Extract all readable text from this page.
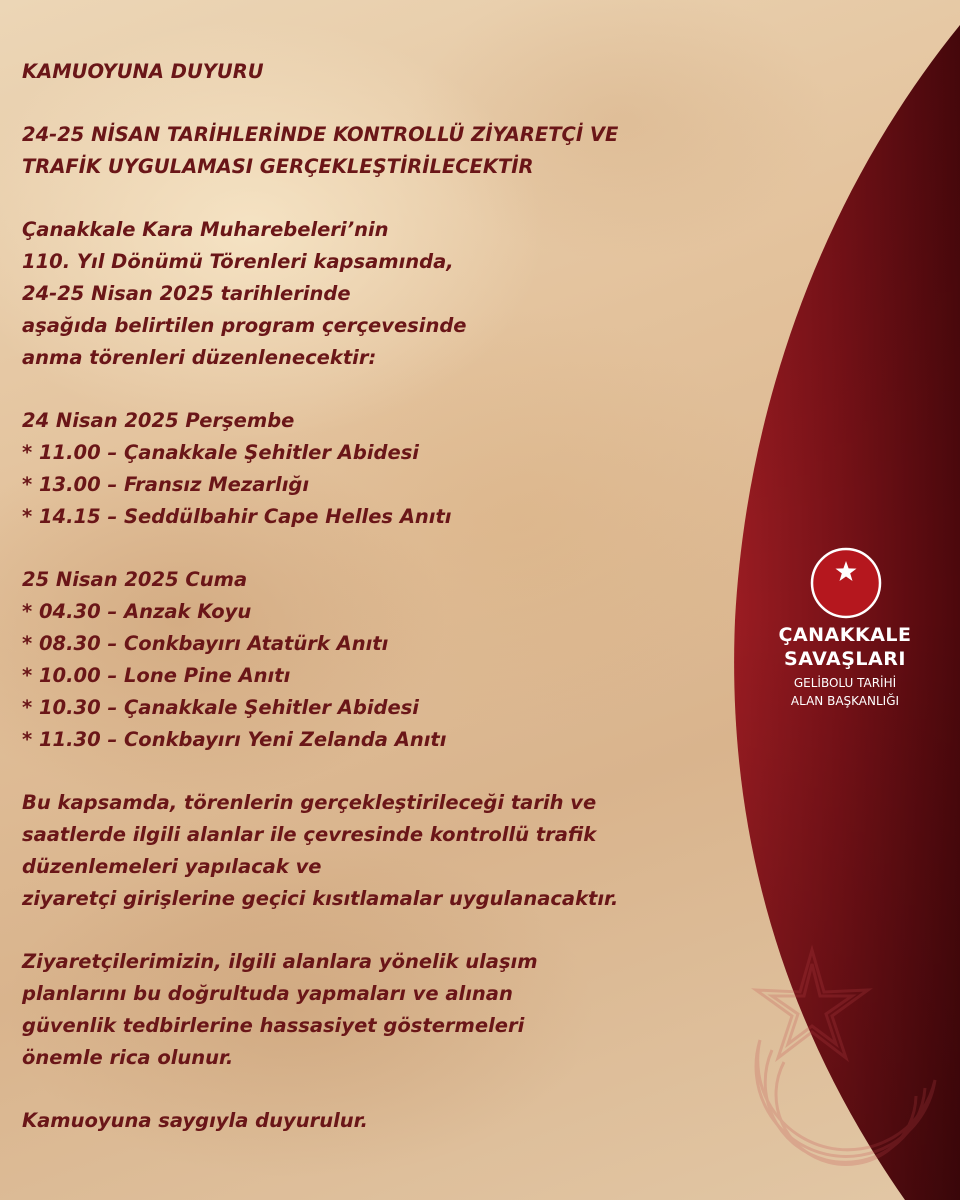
KAMUOYUNA DUYURU

24-25 NİSAN TARİHLERİNDE KONTROLLÜ ZİYARETÇİ VE
TRAFİK UYGULAMASI GERÇEKLEŞTİRİLECEKTİR

Çanakkale Kara Muharebeleri’nin
110. Yıl Dönümü Törenleri kapsamında,
24-25 Nisan 2025 tarihlerinde
aşağıda belirtilen program çerçevesinde
anma törenleri düzenlenecektir:

24 Nisan 2025 Perşembe
* 11.00 – Çanakkale Şehitler Abidesi
* 13.00 – Fransız Mezarlığı
* 14.15 – Seddülbahir Cape Helles Anıtı

25 Nisan 2025 Cuma
* 04.30 – Anzak Koyu
* 08.30 – Conkbayırı Atatürk Anıtı
* 10.00 – Lone Pine Anıtı
* 10.30 – Çanakkale Şehitler Abidesi
* 11.30 – Conkbayırı Yeni Zelanda Anıtı

Bu kapsamda, törenlerin gerçekleştirileceği tarih ve
saatlerde ilgili alanlar ile çevresinde kontrollü trafik
düzenlemeleri yapılacak ve
ziyaretçi girişlerine geçici kısıtlamalar uygulanacaktır.

Ziyaretçilerimizin, ilgili alanlara yönelik ulaşım
planlarını bu doğrultuda yapmaları ve alınan
güvenlik tedbirlerine hassasiyet göstermeleri
önemle rica olunur.

Kamuoyuna saygıyla duyurulur.

ÇANAKKALE
SAVAŞLARI
GELİBOLU TARİHİ
ALAN BAŞKANLIĞI
